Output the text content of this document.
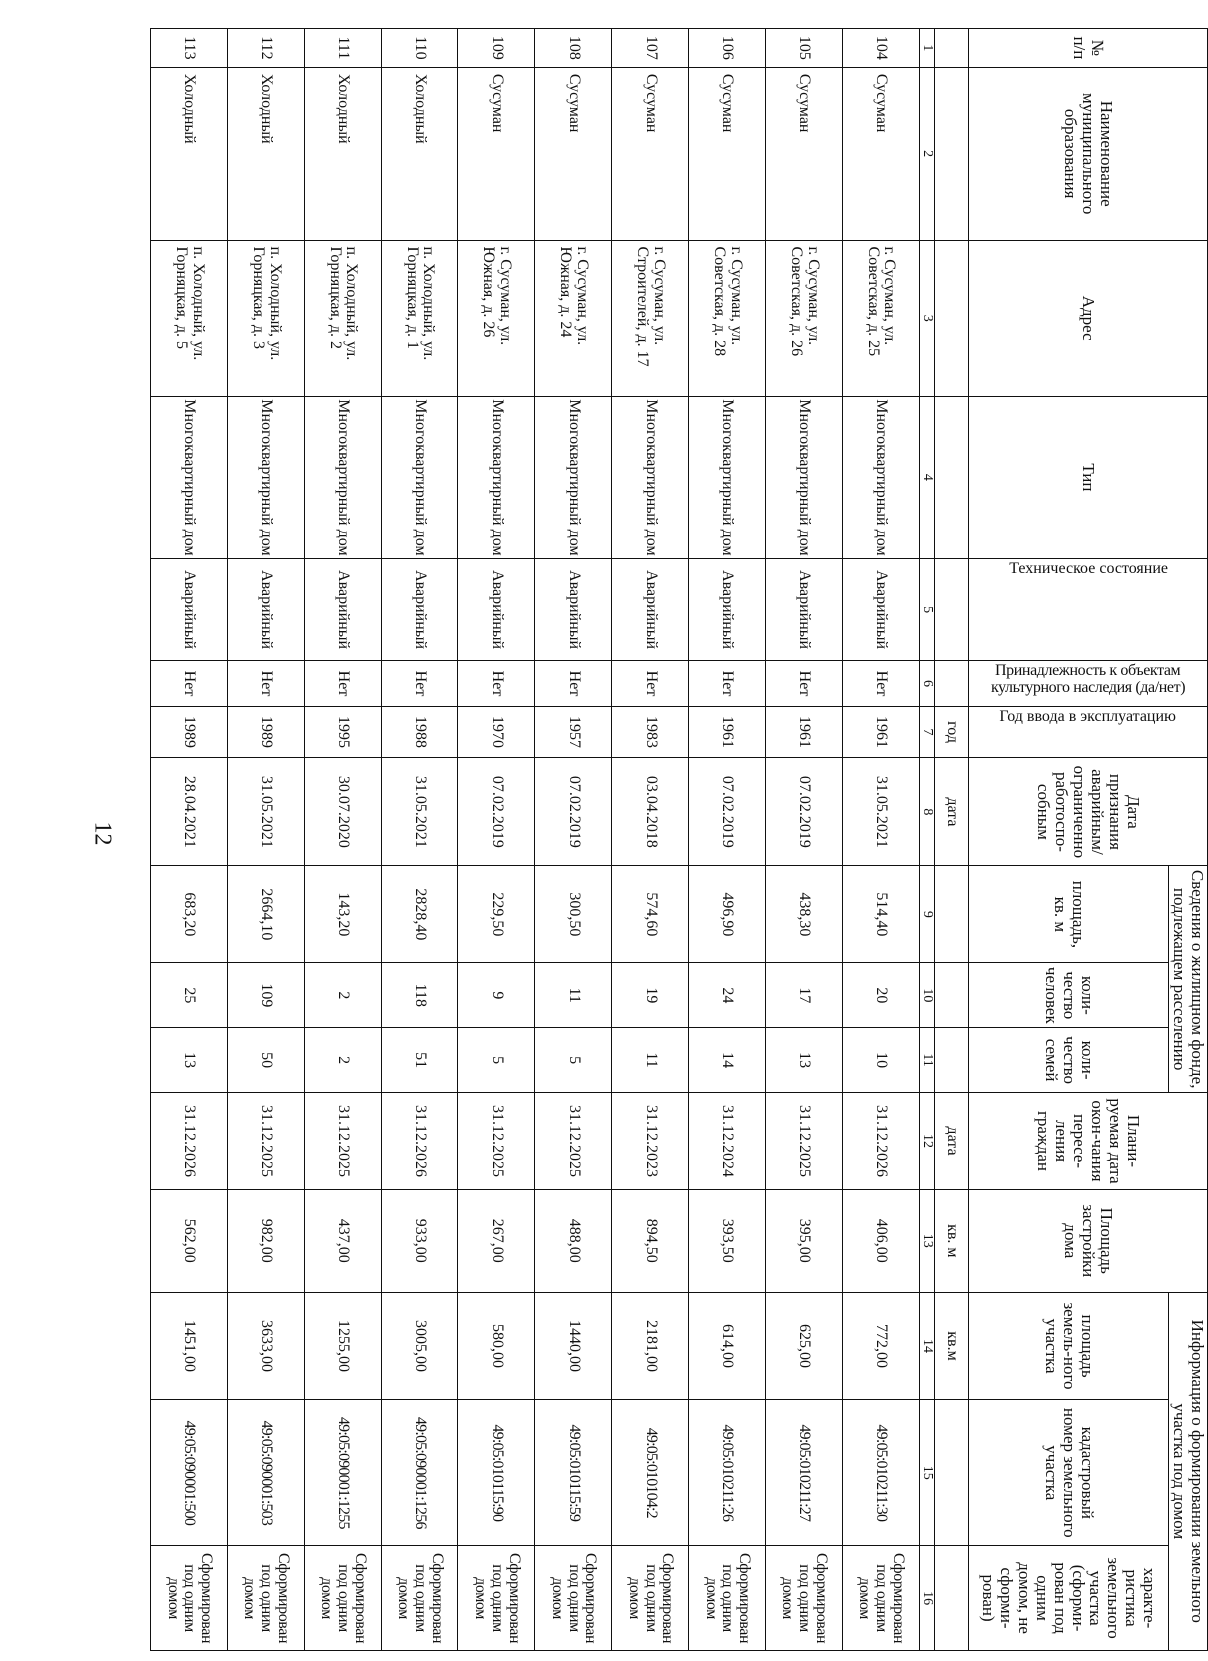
12
№ п/п	Наименование муниципального образования	Адрес	Тип	Техническое состояние	Принадлежность к объектам культурного наследия (да/нет)	Год ввода в эксплуатацию	Дата признания аварийным/ ограниченно работоспо-собным	Сведения о жилищном фонде, подлежащем расселению			Плани-руемая дата окон-чания пересе-ления граждан	Площадь застройки дома	Информация о формировании земельного участка под домом		
								площадь, кв. м	коли-чество человек	коли-чество семей			площадь земель-ного участка	кадастровый номер земельного участка	характе-ристика земельного участка (сформи-рован под одним домом, не сформи-рован)
						год	дата				дата	кв. м	кв.м		
1	2	3	4	5	6	7	8	9	10	11	12	13	14	15	16
104	Сусуман	г. Сусуман, ул. Советская, д. 25	Многоквартирный дом	Аварийный	Нет	1961	31.05.2021	514,40	20	10	31.12.2026	406,00	772,00	49:05:010211:30	Сформирован под одним домом
105	Сусуман	г. Сусуман, ул. Советская, д. 26	Многоквартирный дом	Аварийный	Нет	1961	07.02.2019	438,30	17	13	31.12.2025	395,00	625,00	49:05:010211:27	Сформирован под одним домом
106	Сусуман	г. Сусуман, ул. Советская, д. 28	Многоквартирный дом	Аварийный	Нет	1961	07.02.2019	496,90	24	14	31.12.2024	393,50	614,00	49:05:010211:26	Сформирован под одним домом
107	Сусуман	г. Сусуман, ул. Строителей, д. 17	Многоквартирный дом	Аварийный	Нет	1983	03.04.2018	574,60	19	11	31.12.2023	894,50	2181,00	49:05:010104:2	Сформирован под одним домом
108	Сусуман	г. Сусуман, ул. Южная, д. 24	Многоквартирный дом	Аварийный	Нет	1957	07.02.2019	300,50	11	5	31.12.2025	488,00	1440,00	49:05:010115:59	Сформирован под одним домом
109	Сусуман	г. Сусуман, ул. Южная, д. 26	Многоквартирный дом	Аварийный	Нет	1970	07.02.2019	229,50	9	5	31.12.2025	267,00	580,00	49:05:010115:90	Сформирован под одним домом
110	Холодный	п. Холодный, ул. Горняцкая, д. 1	Многоквартирный дом	Аварийный	Нет	1988	31.05.2021	2828,40	118	51	31.12.2026	933,00	3005,00	49:05:090001:1256	Сформирован под одним домом
111	Холодный	п. Холодный, ул. Горняцкая, д. 2	Многоквартирный дом	Аварийный	Нет	1995	30.07.2020	143,20	2	2	31.12.2025	437,00	1255,00	49:05:090001:1255	Сформирован под одним домом
112	Холодный	п. Холодный, ул. Горняцкая, д. 3	Многоквартирный дом	Аварийный	Нет	1989	31.05.2021	2664,10	109	50	31.12.2025	982,00	3633,00	49:05:090001:503	Сформирован под одним домом
113	Холодный	п. Холодный, ул. Горняцкая, д. 5	Многоквартирный дом	Аварийный	Нет	1989	28.04.2021	683,20	25	13	31.12.2026	562,00	1451,00	49:05:090001:500	Сформирован под одним домом
